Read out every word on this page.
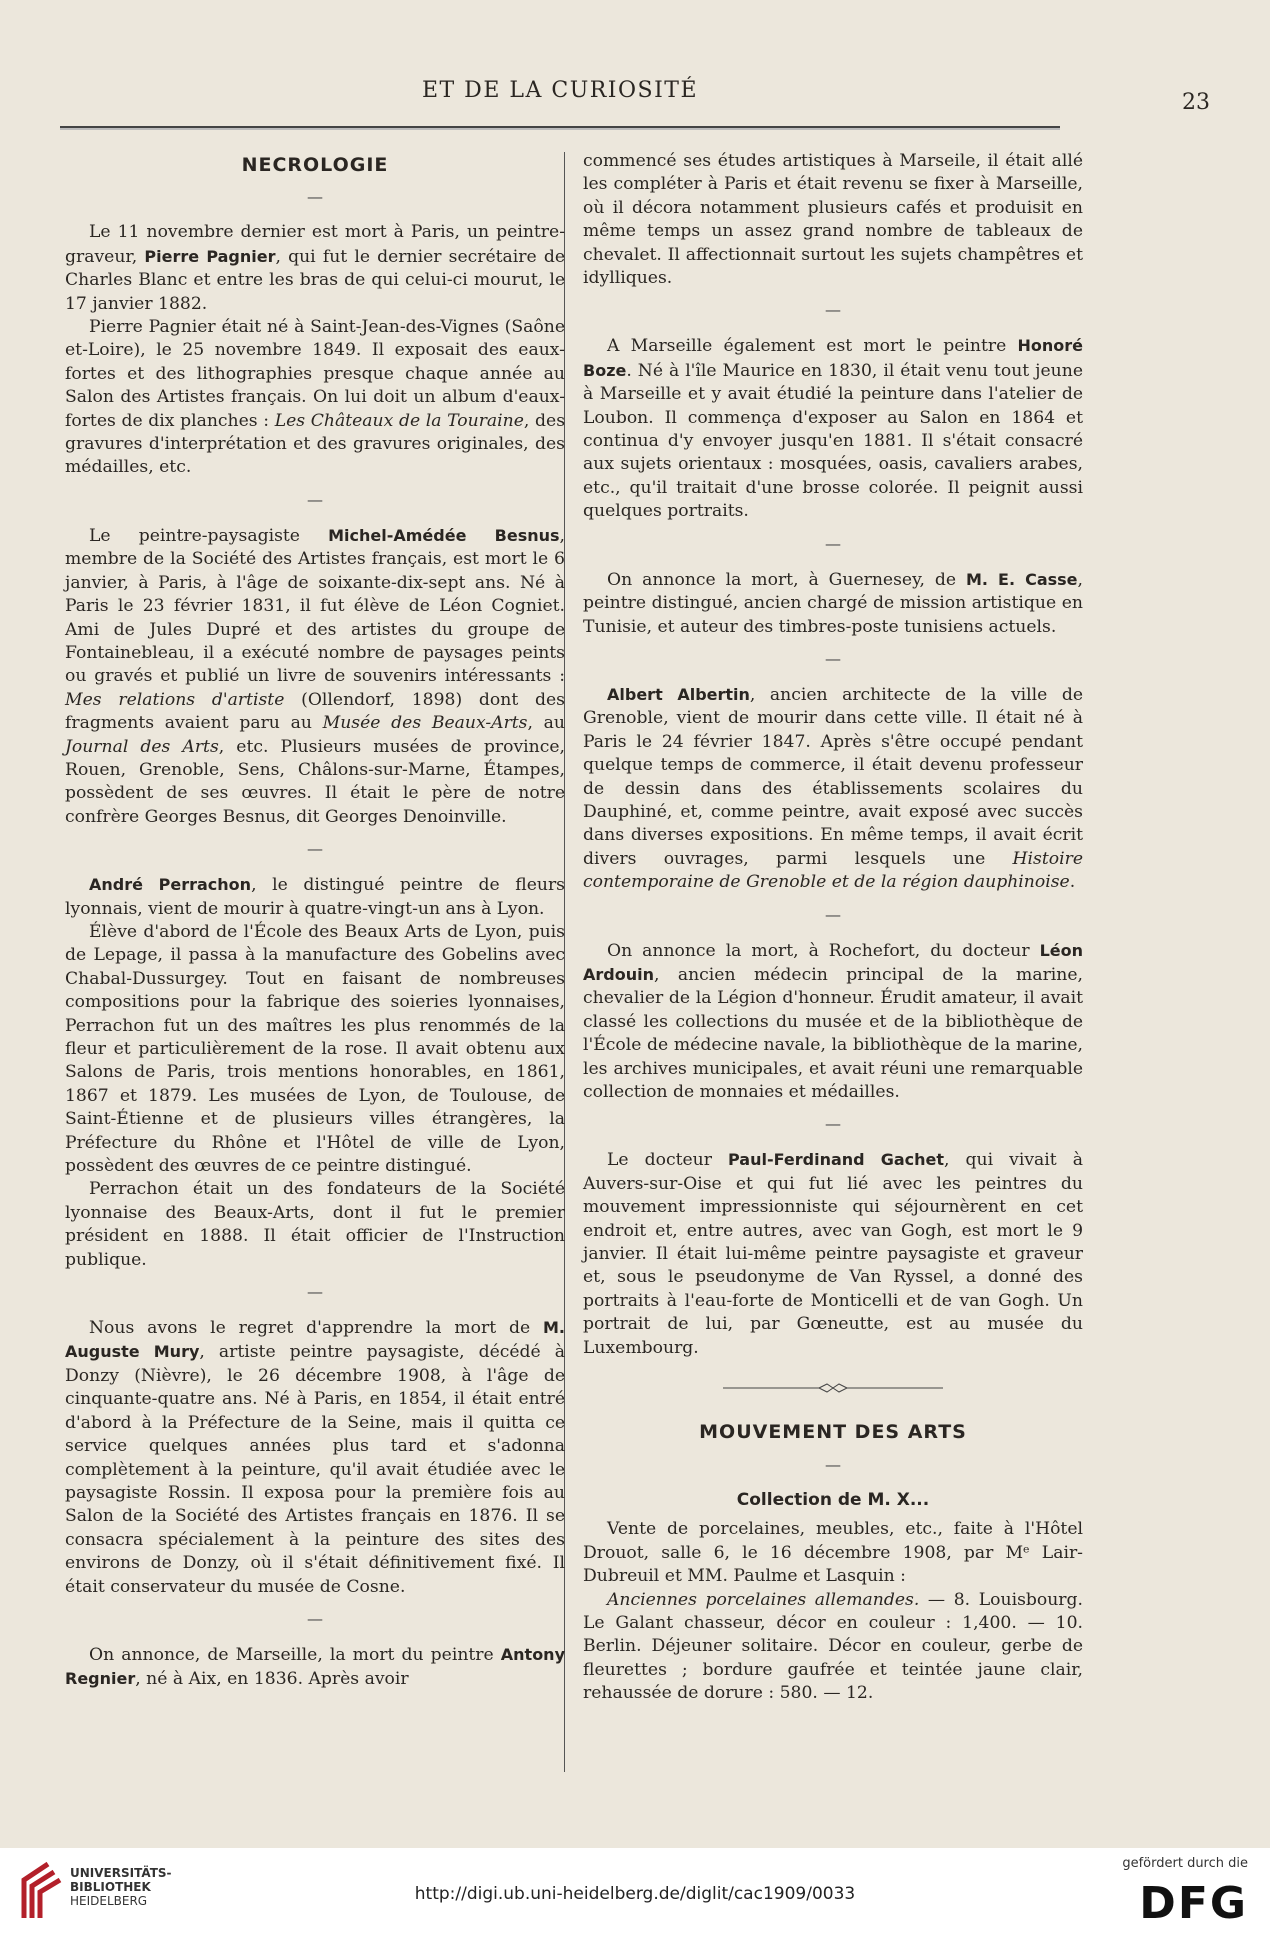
ET DE LA CURIOSITÉ	23
NECROLOGIE
—

Le 11 novembre dernier est mort à Paris, un peintre-graveur, Pierre Pagnier, qui fut le dernier secrétaire de Charles Blanc et entre les bras de qui celui-ci mourut, le 17 janvier 1882.

Pierre Pagnier était né à Saint-Jean-des-Vignes (Saône et-Loire), le 25 novembre 1849. Il exposait des eaux-fortes et des lithographies presque chaque année au Salon des Artistes français. On lui doit un album d'eaux-fortes de dix planches : Les Châteaux de la Touraine, des gravures d'interprétation et des gravures originales, des médailles, etc.

—

Le peintre-paysagiste Michel-Amédée Besnus, membre de la Société des Artistes français, est mort le 6 janvier, à Paris, à l'âge de soixante-dix-sept ans. Né à Paris le 23 février 1831, il fut élève de Léon Cogniet. Ami de Jules Dupré et des artistes du groupe de Fontainebleau, il a exécuté nombre de paysages peints ou gravés et publié un livre de souvenirs intéressants : Mes relations d'artiste (Ollendorf, 1898) dont des fragments avaient paru au Musée des Beaux-Arts, au Journal des Arts, etc. Plusieurs musées de province, Rouen, Grenoble, Sens, Châlons-sur-Marne, Étampes, possèdent de ses œuvres. Il était le père de notre confrère Georges Besnus, dit Georges Denoinville.

—

André Perrachon, le distingué peintre de fleurs lyonnais, vient de mourir à quatre-vingt-un ans à Lyon.

Élève d'abord de l'École des Beaux Arts de Lyon, puis de Lepage, il passa à la manufacture des Gobelins avec Chabal-Dussurgey. Tout en faisant de nombreuses compositions pour la fabrique des soieries lyonnaises, Perrachon fut un des maîtres les plus renommés de la fleur et particulièrement de la rose. Il avait obtenu aux Salons de Paris, trois mentions honorables, en 1861, 1867 et 1879. Les musées de Lyon, de Toulouse, de Saint-Étienne et de plusieurs villes étrangères, la Préfecture du Rhône et l'Hôtel de ville de Lyon, possèdent des œuvres de ce peintre distingué.

Perrachon était un des fondateurs de la Société lyonnaise des Beaux-Arts, dont il fut le premier président en 1888. Il était officier de l'Instruction publique.

—

Nous avons le regret d'apprendre la mort de M. Auguste Mury, artiste peintre paysagiste, décédé à Donzy (Nièvre), le 26 décembre 1908, à l'âge de cinquante-quatre ans. Né à Paris, en 1854, il était entré d'abord à la Préfecture de la Seine, mais il quitta ce service quelques années plus tard et s'adonna complètement à la peinture, qu'il avait étudiée avec le paysagiste Rossin. Il exposa pour la première fois au Salon de la Société des Artistes français en 1876. Il se consacra spécialement à la peinture des sites des environs de Donzy, où il s'était définitivement fixé. Il était conservateur du musée de Cosne.

—

On annonce, de Marseille, la mort du peintre Antony Regnier, né à Aix, en 1836. Après avoir

commencé ses études artistiques à Marseile, il était allé les compléter à Paris et était revenu se fixer à Marseille, où il décora notamment plusieurs cafés et produisit en même temps un assez grand nombre de tableaux de chevalet. Il affectionnait surtout les sujets champêtres et idylliques.

—

A Marseille également est mort le peintre Honoré Boze. Né à l'île Maurice en 1830, il était venu tout jeune à Marseille et y avait étudié la peinture dans l'atelier de Loubon. Il commença d'exposer au Salon en 1864 et continua d'y envoyer jusqu'en 1881. Il s'était consacré aux sujets orientaux : mosquées, oasis, cavaliers arabes, etc., qu'il traitait d'une brosse colorée. Il peignit aussi quelques portraits.

—

On annonce la mort, à Guernesey, de M. E. Casse, peintre distingué, ancien chargé de mission artistique en Tunisie, et auteur des timbres-poste tunisiens actuels.

—

Albert Albertin, ancien architecte de la ville de Grenoble, vient de mourir dans cette ville. Il était né à Paris le 24 février 1847. Après s'être occupé pendant quelque temps de commerce, il était devenu professeur de dessin dans des établissements scolaires du Dauphiné, et, comme peintre, avait exposé avec succès dans diverses expositions. En même temps, il avait écrit divers ouvrages, parmi lesquels une Histoire contemporaine de Grenoble et de la région dauphinoise.

—

On annonce la mort, à Rochefort, du docteur Léon Ardouin, ancien médecin principal de la marine, chevalier de la Légion d'honneur. Érudit amateur, il avait classé les collections du musée et de la bibliothèque de l'École de médecine navale, la bibliothèque de la marine, les archives municipales, et avait réuni une remarquable collection de monnaies et médailles.

—

Le docteur Paul-Ferdinand Gachet, qui vivait à Auvers-sur-Oise et qui fut lié avec les peintres du mouvement impressionniste qui séjournèrent en cet endroit et, entre autres, avec van Gogh, est mort le 9 janvier. Il était lui-même peintre paysagiste et graveur et, sous le pseudonyme de Van Ryssel, a donné des portraits à l'eau-forte de Monticelli et de van Gogh. Un portrait de lui, par Gœneutte, est au musée du Luxembourg.

MOUVEMENT DES ARTS
—
Collection de M. X...

Vente de porcelaines, meubles, etc., faite à l'Hôtel Drouot, salle 6, le 16 décembre 1908, par Mᵉ Lair-Dubreuil et MM. Paulme et Lasquin :

Anciennes porcelaines allemandes. — 8. Louisbourg. Le Galant chasseur, décor en couleur : 1,400. — 10. Berlin. Déjeuner solitaire. Décor en couleur, gerbe de fleurettes ; bordure gaufrée et teintée jaune clair, rehaussée de dorure : 580. — 12.

UNIVERSITÄTS-
BIBLIOTHEK
HEIDELBERG	http://digi.ub.uni-heidelberg.de/diglit/cac1909/0033
gefördert durch die
DFG
